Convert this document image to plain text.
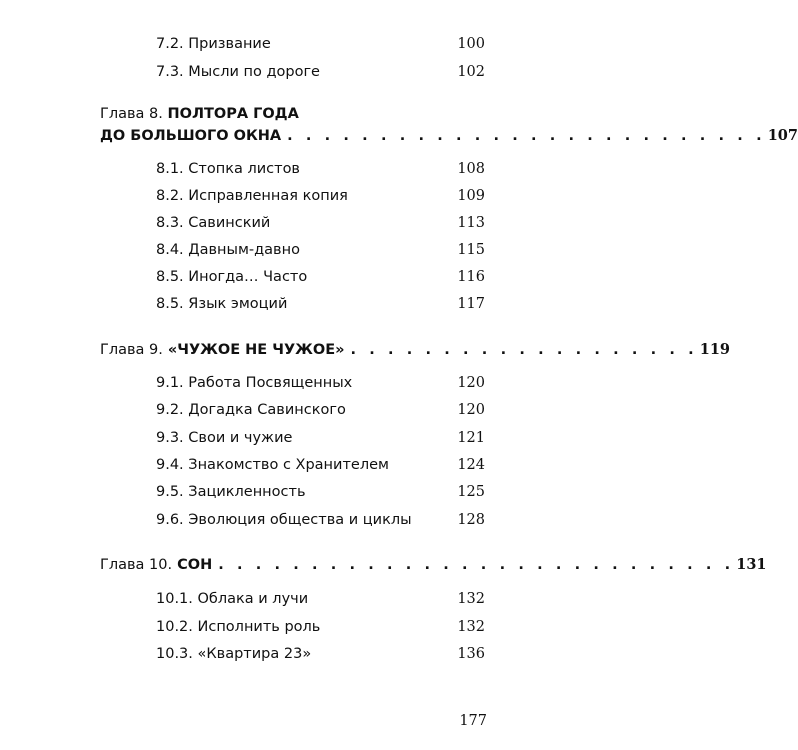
7.2. Призвание	100
7.3. Мысли по дороге	102
Глава 8. ПОЛТОРА ГОДА
ДО БОЛЬШОГО ОКНА . . . . . . . . . . . . . . . . . . . . . . . . . . 107
8.1. Стопка листов	108
8.2. Исправленная копия	109
8.3. Савинский	113
8.4. Давным-давно	115
8.5. Иногда… Часто	116
8.5. Язык эмоций	117
Глава 9. «ЧУЖОЕ НЕ ЧУЖОЕ» . . . . . . . . . . . . . . . . . . . 119
9.1. Работа Посвященных	120
9.2. Догадка Савинского	120
9.3. Свои и чужие	121
9.4. Знакомство с Хранителем	124
9.5. Зацикленность	125
9.6. Эволюция общества и циклы	128
Глава 10. СОН . . . . . . . . . . . . . . . . . . . . . . . . . . . . 131
10.1. Облака и лучи	132
10.2. Исполнить роль	132
10.3. «Квартира 23»	136
177
